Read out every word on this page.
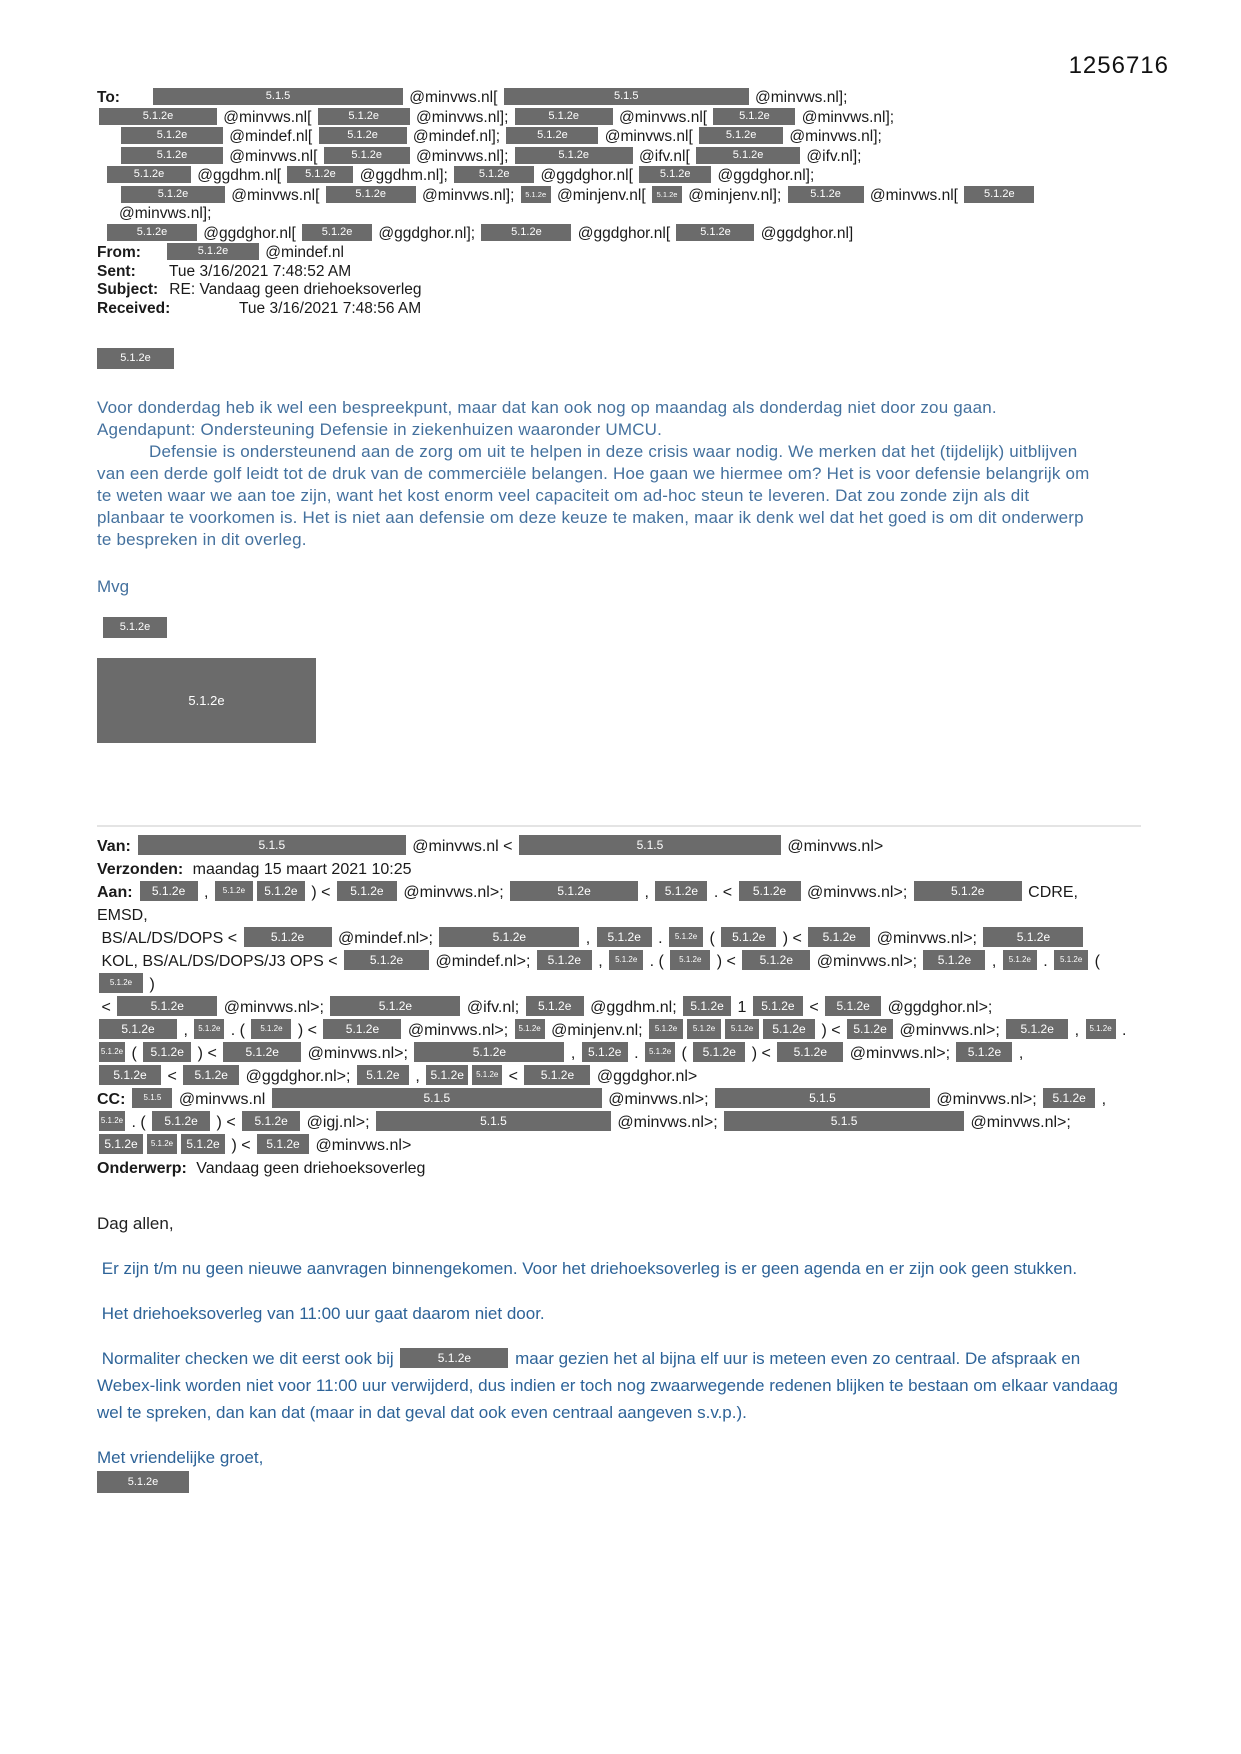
1256716
To:	5.1.5	@minvws.nl[	5.1.5	@minvws.nl];
5.1.2e	@minvws.nl[	5.1.2e @minvws.nl];	5.1.2e @minvws.nl[	5.1.2e @minvws.nl];
5.1.2e @mindef.nl[	5.1.2e @mindef.nl];	5.1.2e @minvws.nl[	5.1.2e @minvws.nl];
5.1.2e @minvws.nl[	5.1.2e @minvws.nl];	5.1.2e	@ifv.nl[	5.1.2e @ifv.nl];
5.1.2e @ggdhm.nl[ 5.1.2e @ggdhm.nl]; 5.1.2e @ggdghor.nl[ 5.1.2e @ggdghor.nl];
5.1.2e @minvws.nl[	5.1.2e @minvws.nl]; 5.1.2e @minjenv.nl[ 5.1.2e @minjenv.nl]; 5.1.2e @minvws.nl[ 5.1.2e @minvws.nl];
5.1.2e @ggdghor.nl[ 5.1.2e @ggdghor.nl];	5.1.2e @ggdghor.nl[ 5.1.2e @ggdghor.nl]
From:	5.1.2e @mindef.nl
Sent: Tue 3/16/2021 7:48:52 AM
Subject: RE: Vandaag geen driehoeksoverleg
Received:	Tue 3/16/2021 7:48:56 AM
5.1.2e
Voor donderdag heb ik wel een bespreekpunt, maar dat kan ook nog op maandag als donderdag niet door zou gaan.
Agendapunt: Ondersteuning Defensie in ziekenhuizen waaronder UMCU.
Defensie is ondersteunend aan de zorg om uit te helpen in deze crisis waar nodig. We merken dat het (tijdelijk) uitblijven van een derde golf leidt tot de druk van de commerciële belangen. Hoe gaan we hiermee om? Het is voor defensie belangrijk om te weten waar we aan toe zijn, want het kost enorm veel capaciteit om ad-hoc steun te leveren. Dat zou zonde zijn als dit planbaar te voorkomen is. Het is niet aan defensie om deze keuze te maken, maar ik denk wel dat het goed is om dit onderwerp te bespreken in dit overleg.
Mvg
5.1.2e
5.1.2e
Van:	5.1.5	@minvws.nl <	5.1.5	@minvws.nl>
Verzonden: maandag 15 maart 2021 10:25
Aan: 5.1.2e , 5.1.2e 5.1.2e ) < 5.1.2e @minvws.nl>;	5.1.2e	, 5.1.2e . < 5.1.2e @minvws.nl>;	5.1.2e CDRE, EMSD,
BS/AL/DS/DOPS < 5.1.2e @mindef.nl>;	5.1.2e	, 5.1.2e . 5.1.2e ( 5.1.2e ) < 5.1.2e @minvws.nl>;	5.1.2e
KOL, BS/AL/DS/DOPS/J3 OPS < 5.1.2e @mindef.nl>; 5.1.2e , 5.1.2e . ( 5.1.2e ) < 5.1.2e @minvws.nl>; 5.1.2e , 5.1.2e . 5.1.2e ( 5.1.2e )
<	5.1.2e @minvws.nl>;	5.1.2e	@ifv.nl; 5.1.2e @ggdhm.nl; 5.1.2e 1 5.1.2e < 5.1.2e @ggdghor.nl>;
5.1.2e , 5.1.2e . ( 5.1.2e ) < 5.1.2e @minvws.nl>; 5.1.2e @minjenv.nl; 5.1.2e 5.1.2e 5.1.2e 5.1.2e ) < 5.1.2e @minvws.nl>; 5.1.2e , 5.1.2e .
5.1.2e ( 5.1.2e ) < 5.1.2e @minvws.nl>;	5.1.2e	, 5.1.2e . 5.1.2e ( 5.1.2e ) < 5.1.2e @minvws.nl>; 5.1.2e ,
5.1.2e < 5.1.2e @ggdghor.nl>; 5.1.2e , 5.1.2e 5.1.2e < 5.1.2e @ggdghor.nl>
CC: 5.1.5 @minvws.nl	5.1.5	@minvws.nl>;	5.1.5	@minvws.nl>; 5.1.2e ,
5.1.2e . ( 5.1.2e ) < 5.1.2e @igj.nl>;	5.1.5	@minvws.nl>;	5.1.5	@minvws.nl>;
5.1.2e 5.1.2e 5.1.2e ) < 5.1.2e @minvws.nl>
Onderwerp: Vandaag geen driehoeksoverleg
Dag allen,
Er zijn t/m nu geen nieuwe aanvragen binnengekomen. Voor het driehoeksoverleg is er geen agenda en er zijn ook geen stukken.
Het driehoeksoverleg van 11:00 uur gaat daarom niet door.
Normaliter checken we dit eerst ook bij	5.1.2e maar gezien het al bijna elf uur is meteen even zo centraal. De afspraak en Webex-link worden niet voor 11:00 uur verwijderd, dus indien er toch nog zwaarwegende redenen blijken te bestaan om elkaar vandaag wel te spreken, dan kan dat (maar in dat geval dat ook even centraal aangeven s.v.p.).
Met vriendelijke groet,
5.1.2e
